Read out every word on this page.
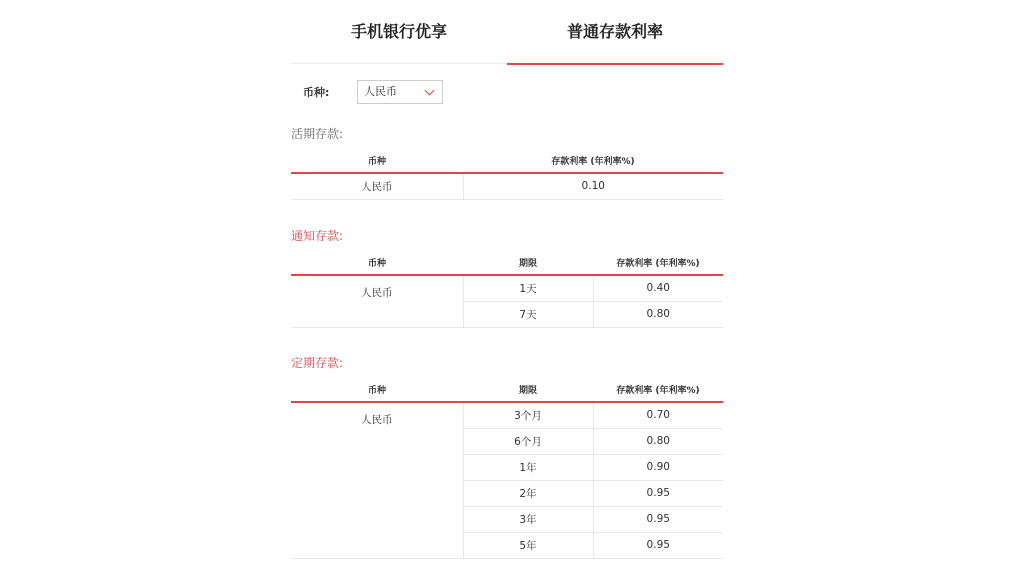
手机银行优享	普通存款利率
币种:	人民币
活期存款:
币种	存款利率 (年利率%)
人民币	0.10
通知存款:
币种	期限	存款利率 (年利率%)
人民币	1天	0.40
	7天	0.80
定期存款:
币种	期限	存款利率 (年利率%)
人民币	3个月	0.70
	6个月	0.80
	1年	0.90
	2年	0.95
	3年	0.95
	5年	0.95
